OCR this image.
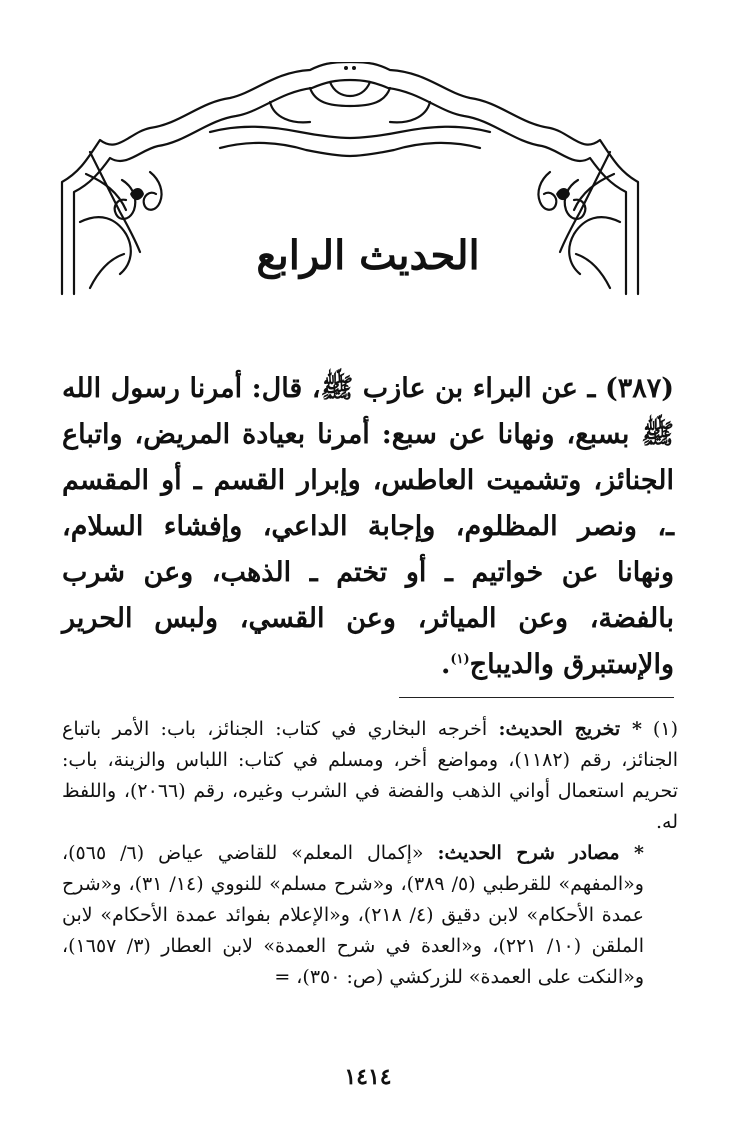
الحديث الرابع
(٣٨٧) ـ عن البراء بن عازب ﷺ، قال: أمرنا رسول الله ﷺ بسبع، ونهانا عن سبع: أمرنا بعيادة المريض، واتباع الجنائز، وتشميت العاطس، وإبرار القسم ـ أو المقسم ـ، ونصر المظلوم، وإجابة الداعي، وإفشاء السلام، ونهانا عن خواتيم ـ أو تختم ـ الذهب، وعن شرب بالفضة، وعن المياثر، وعن القسي، ولبس الحرير والإستبرق والديباج$^{(١)}$.

(١)* تخريج الحديث: أخرجه البخاري في كتاب: الجنائز، باب: الأمر باتباع الجنائز، رقم (١١٨٢)، ومواضع أخر، ومسلم في كتاب: اللباس والزينة، باب: تحريم استعمال أواني الذهب والفضة في الشرب وغيره، رقم (٢٠٦٦)، واللفظ له.

* مصادر شرح الحديث: «إكمال المعلم» للقاضي عياض (٦/ ٥٦٥)، و«المفهم» للقرطبي (٥/ ٣٨٩)، و«شرح مسلم» للنووي (١٤/ ٣١)، و«شرح عمدة الأحكام» لابن دقيق (٤/ ٢١٨)، و«الإعلام بفوائد عمدة الأحكام» لابن الملقن (١٠/ ٢٢١)، و«العدة في شرح العمدة» لابن العطار (٣/ ١٦٥٧)، و«النكت على العمدة» للزركشي (ص: ٣٥٠)، =

١٤١٤
